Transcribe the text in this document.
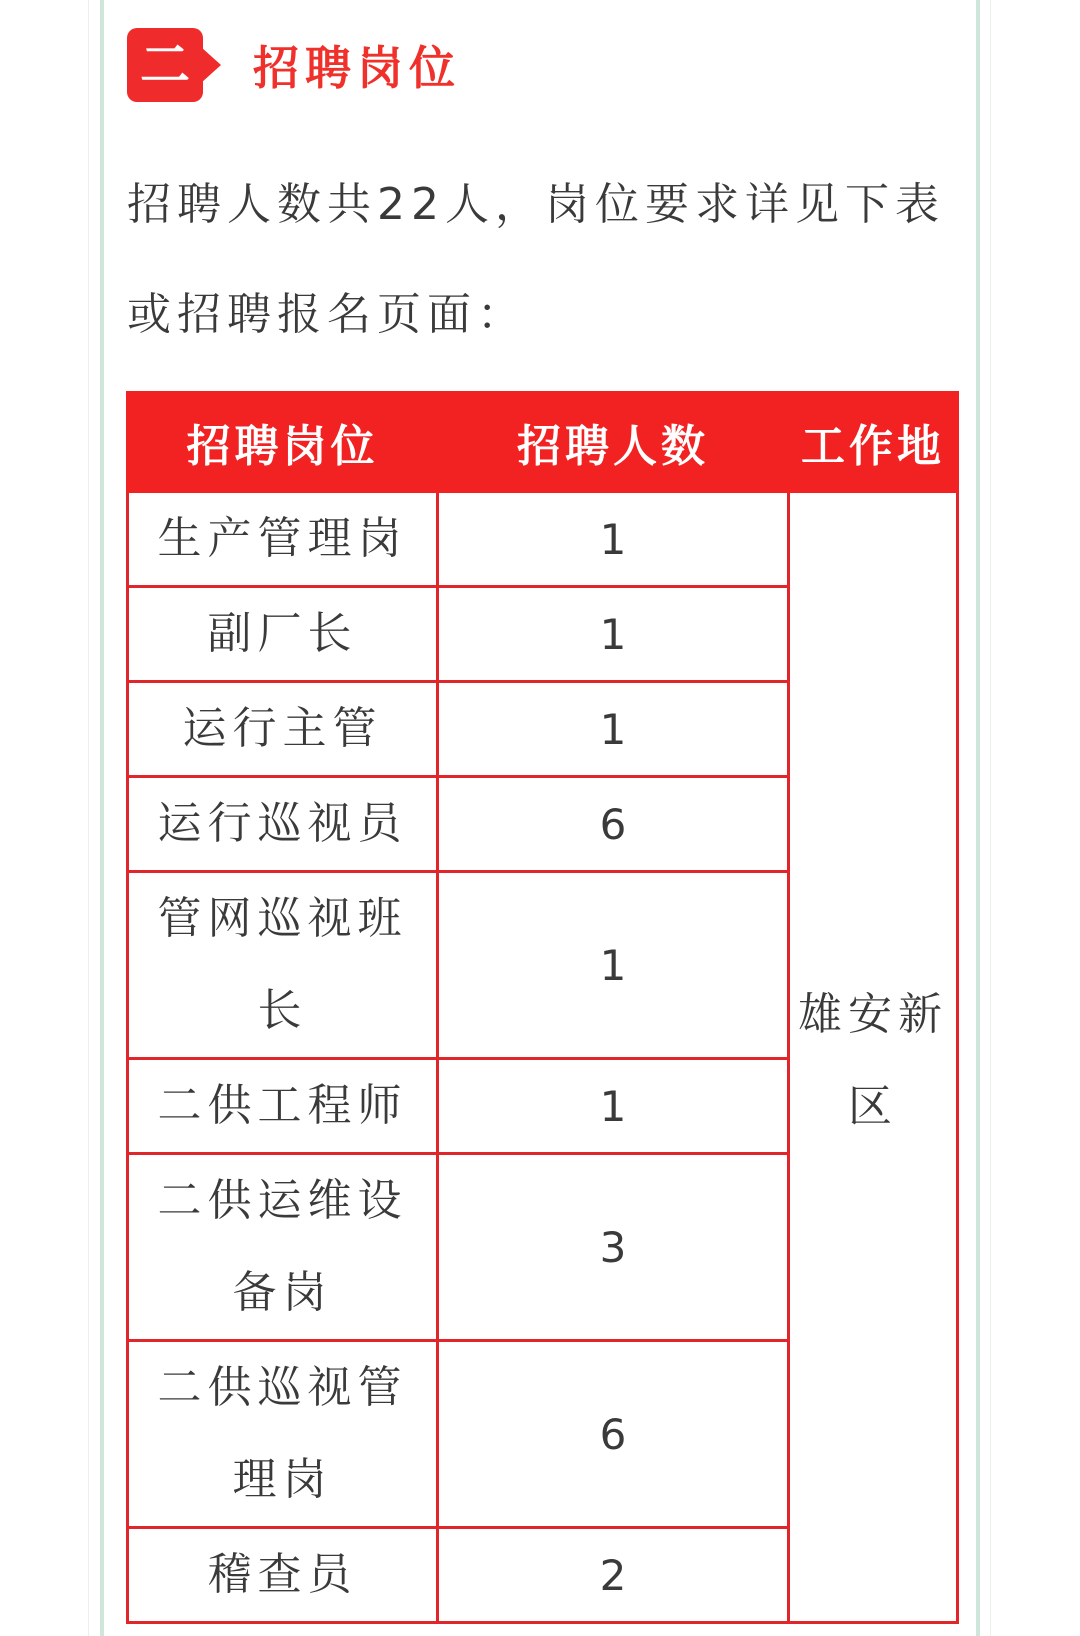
二 招聘岗位

招聘人数共22人，岗位要求详见下表或招聘报名页面：

招聘岗位	招聘人数	工作地
生产管理岗	1	雄安新区

副厂长	1	
运行主管	1	
运行巡视员	6	

管网巡视班长	1	
二供工程师	1	

二供运维设备岗	3	

二供巡视管理岗	6	
稽查员	2	
